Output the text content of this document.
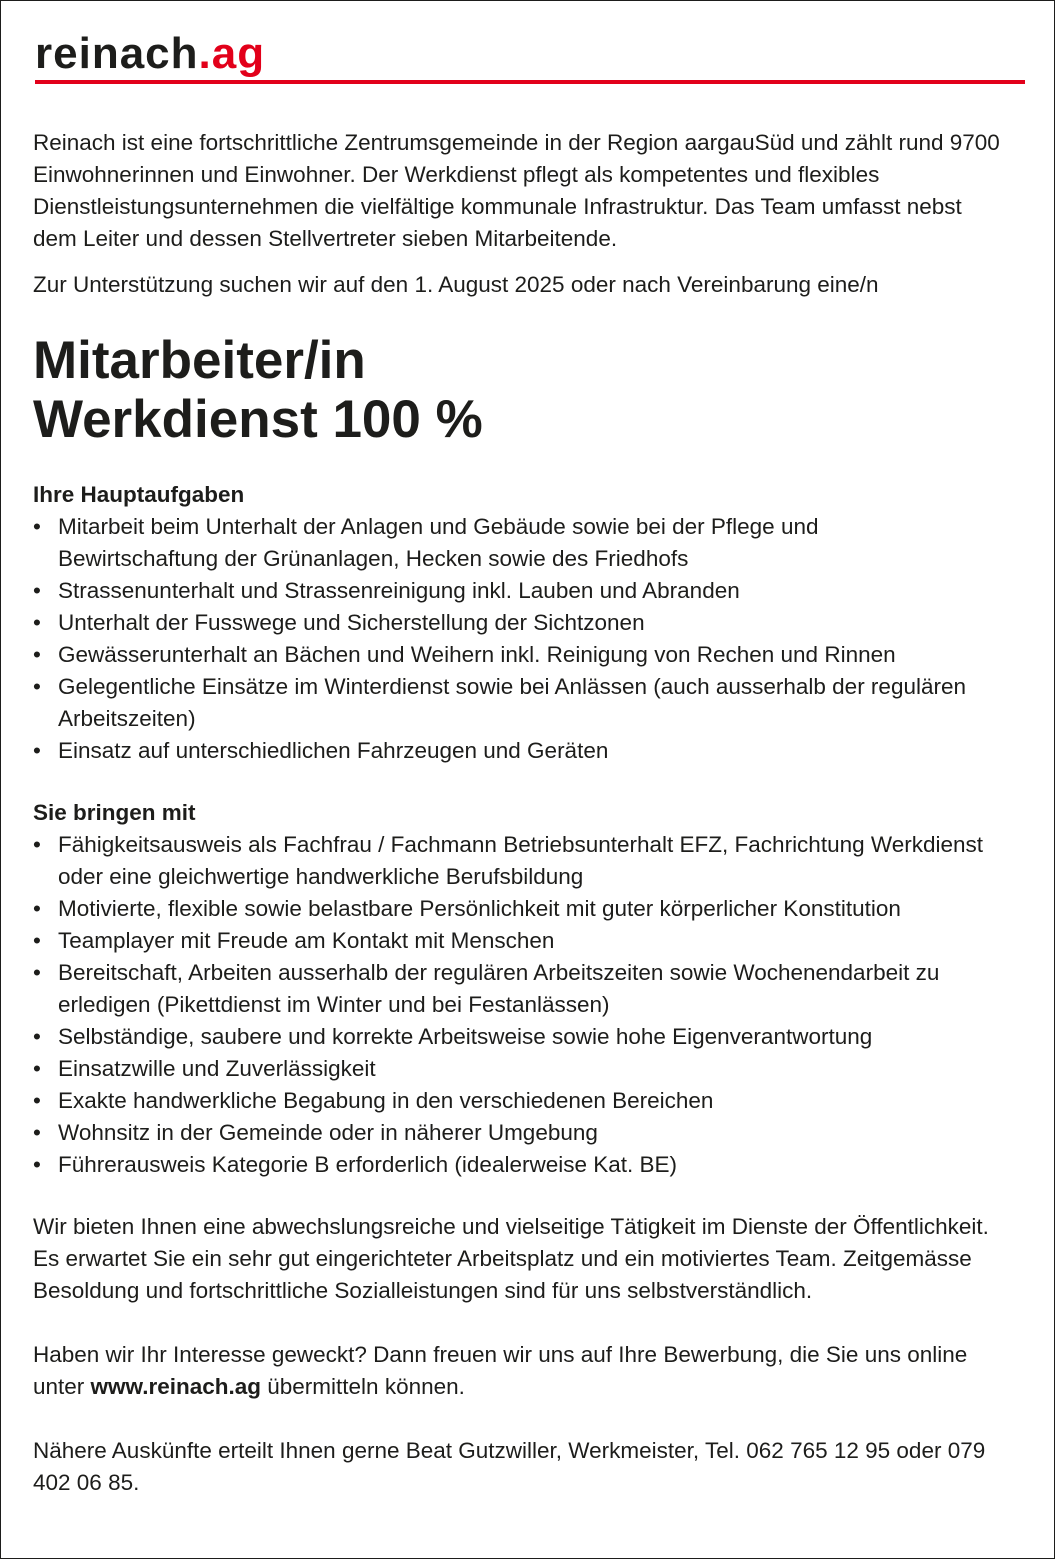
reinach.ag

Reinach ist eine fortschrittliche Zentrumsgemeinde in der Region aargauSüd und zählt rund 9700 Einwohnerinnen und Einwohner. Der Werkdienst pflegt als kompetentes und flexibles Dienstleistungsunternehmen die vielfältige kommunale Infrastruktur. Das Team umfasst nebst dem Leiter und dessen Stellvertreter sieben Mitarbeitende.

Zur Unterstützung suchen wir auf den 1. August 2025 oder nach Vereinbarung eine/n

Mitarbeiter/in
Werkdienst 100 %
Ihre Hauptaufgaben
• Mitarbeit beim Unterhalt der Anlagen und Gebäude sowie bei der Pflege und Bewirtschaftung der Grünanlagen, Hecken sowie des Friedhofs
• Strassenunterhalt und Strassenreinigung inkl. Lauben und Abranden
• Unterhalt der Fusswege und Sicherstellung der Sichtzonen
• Gewässerunterhalt an Bächen und Weihern inkl. Reinigung von Rechen und Rinnen
• Gelegentliche Einsätze im Winterdienst sowie bei Anlässen (auch ausserhalb der regulären Arbeitszeiten)
• Einsatz auf unterschiedlichen Fahrzeugen und Geräten
Sie bringen mit
• Fähigkeitsausweis als Fachfrau / Fachmann Betriebsunterhalt EFZ, Fachrichtung Werkdienst oder eine gleichwertige handwerkliche Berufsbildung
• Motivierte, flexible sowie belastbare Persönlichkeit mit guter körperlicher Konstitution
• Teamplayer mit Freude am Kontakt mit Menschen
• Bereitschaft, Arbeiten ausserhalb der regulären Arbeitszeiten sowie Wochenendarbeit zu erledigen (Pikettdienst im Winter und bei Festanlässen)
• Selbständige, saubere und korrekte Arbeitsweise sowie hohe Eigenverantwortung
• Einsatzwille und Zuverlässigkeit
• Exakte handwerkliche Begabung in den verschiedenen Bereichen
• Wohnsitz in der Gemeinde oder in näherer Umgebung
• Führerausweis Kategorie B erforderlich (idealerweise Kat. BE)

Wir bieten Ihnen eine abwechslungsreiche und vielseitige Tätigkeit im Dienste der Öffentlichkeit. Es erwartet Sie ein sehr gut eingerichteter Arbeitsplatz und ein motiviertes Team. Zeitgemässe Besoldung und fortschrittliche Sozialleistungen sind für uns selbstverständlich.

Haben wir Ihr Interesse geweckt? Dann freuen wir uns auf Ihre Bewerbung, die Sie uns online unter www.reinach.ag übermitteln können.

Nähere Auskünfte erteilt Ihnen gerne Beat Gutzwiller, Werkmeister, Tel. 062 765 12 95 oder 079 402 06 85.
